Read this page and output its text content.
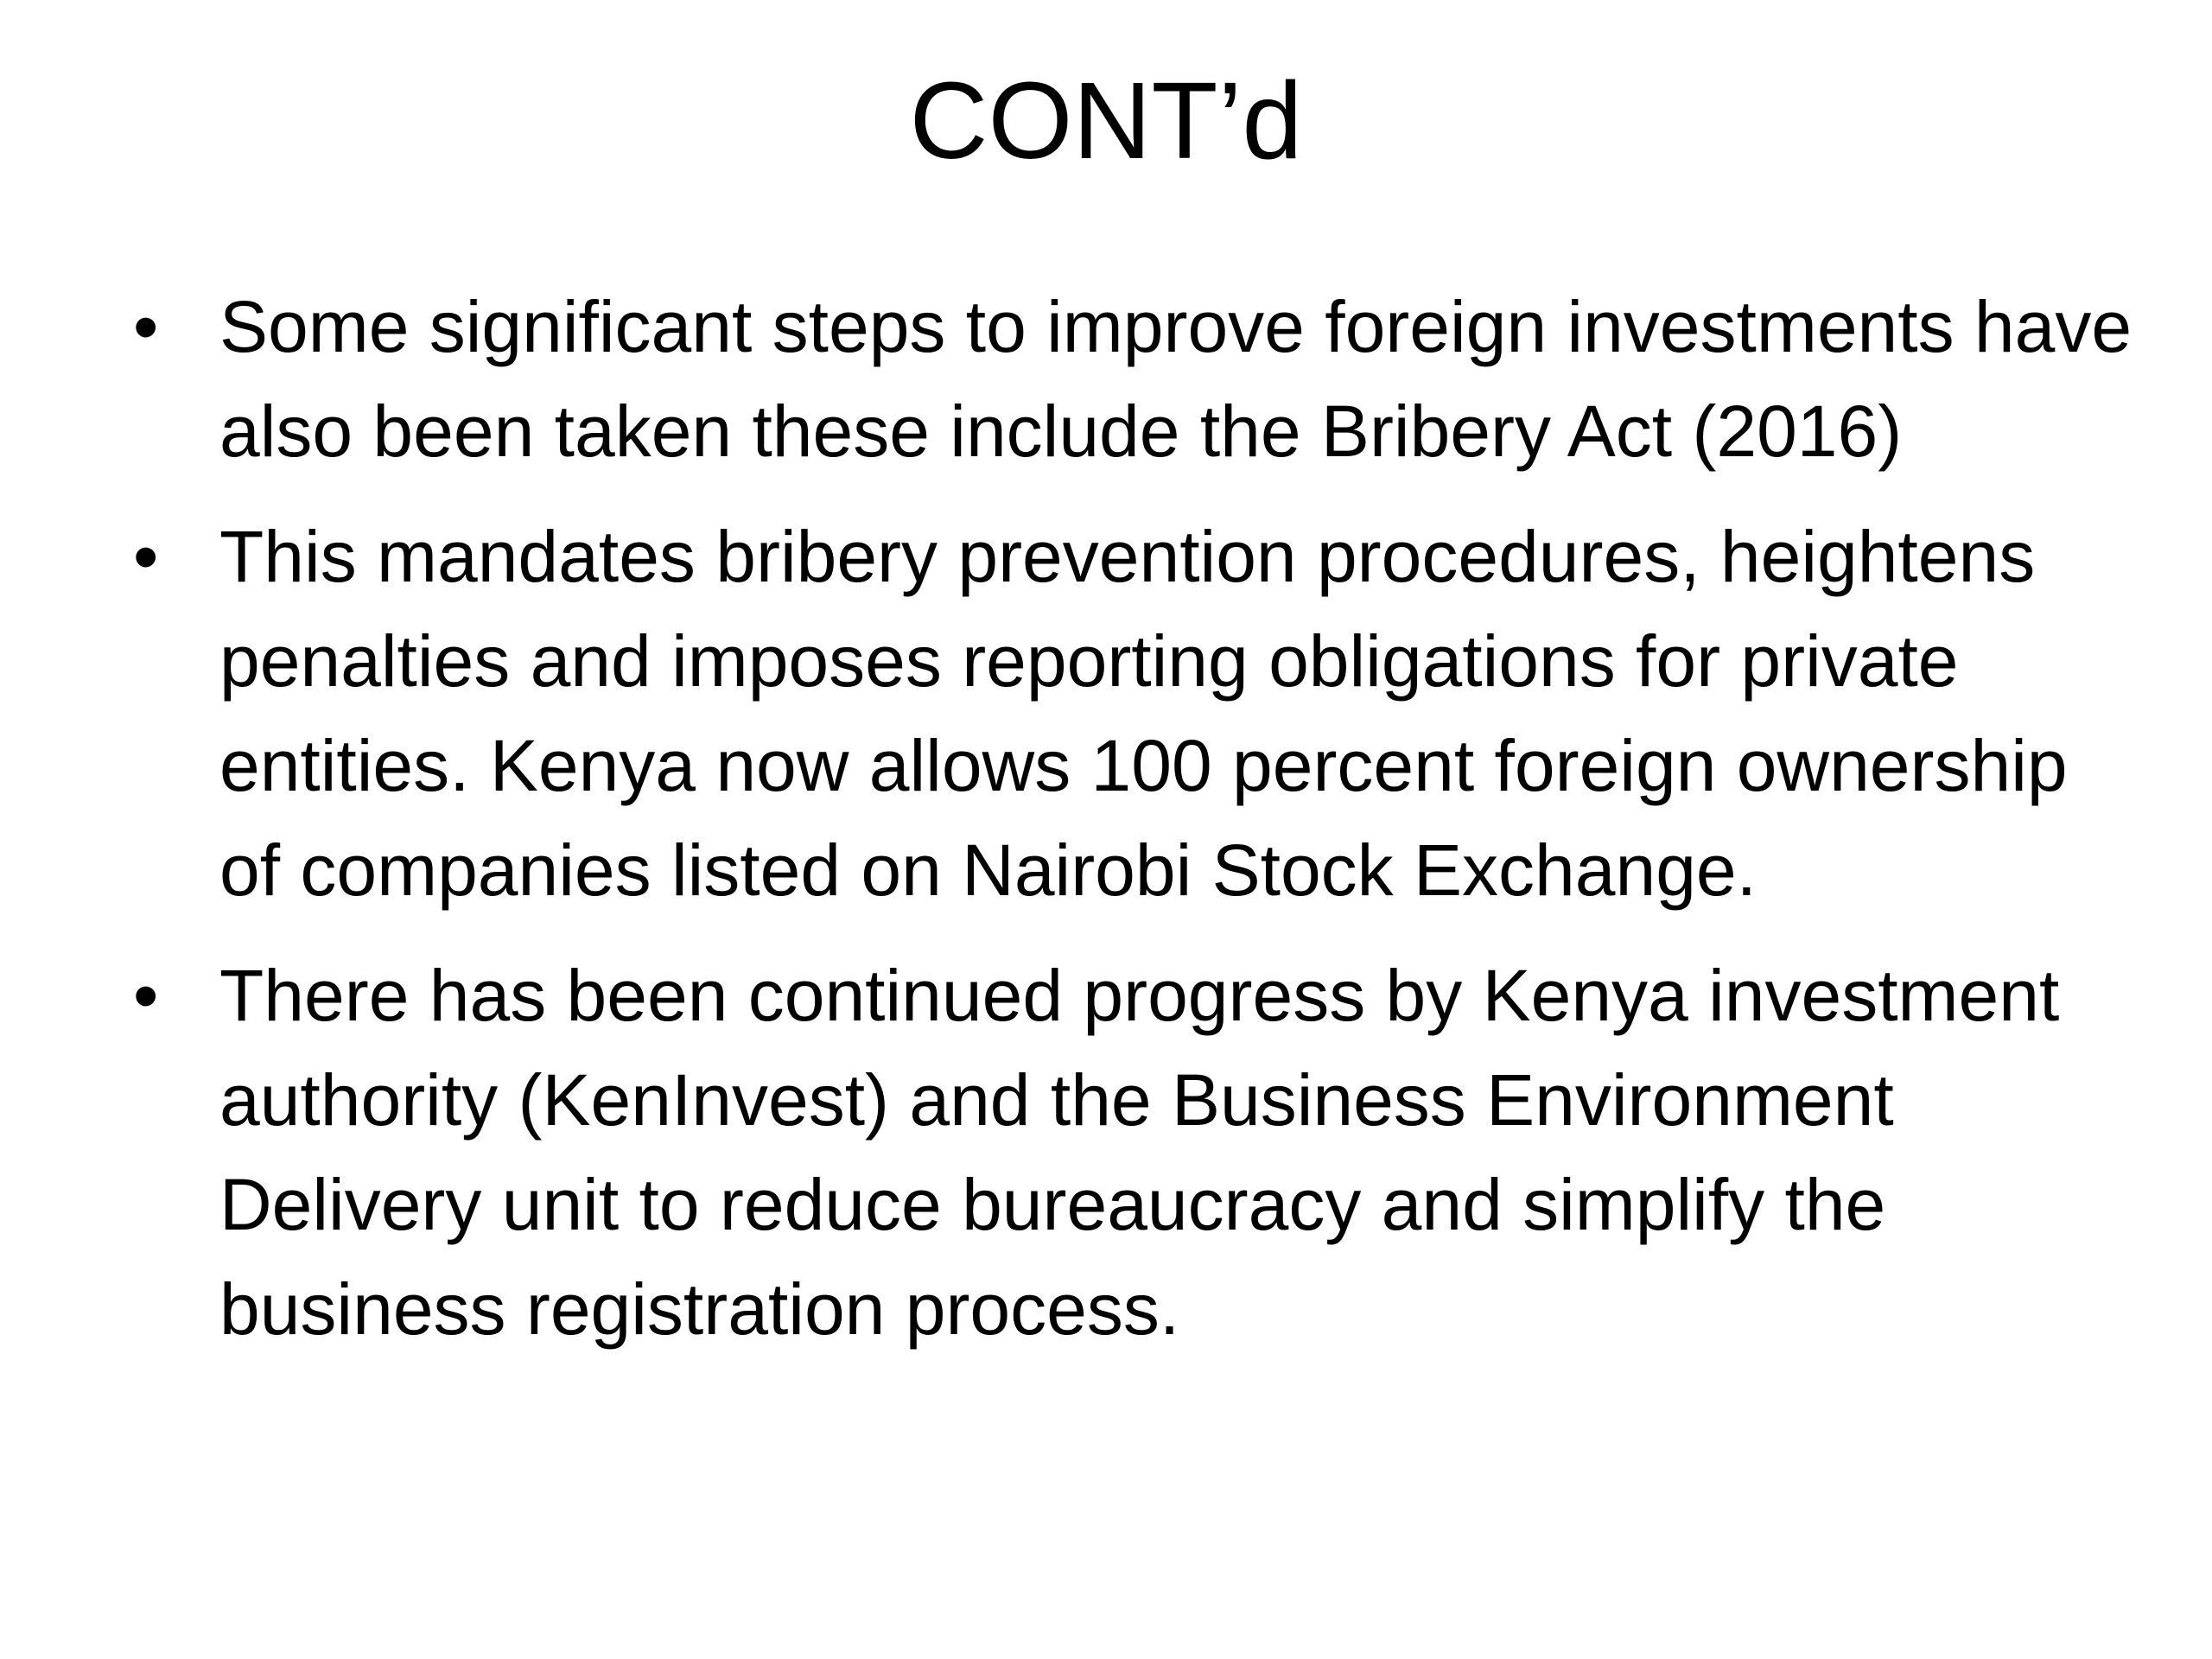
CONT’d
• Some significant steps to improve foreign investments have also been taken these include the Bribery Act (2016)
• This mandates bribery prevention procedures, heightens penalties and imposes reporting obligations for private entities. Kenya now allows 100 percent foreign ownership of companies listed on Nairobi Stock Exchange.
• There has been continued progress by Kenya investment authority (KenInvest) and the Business Environment Delivery unit to reduce bureaucracy and simplify the business registration process.
